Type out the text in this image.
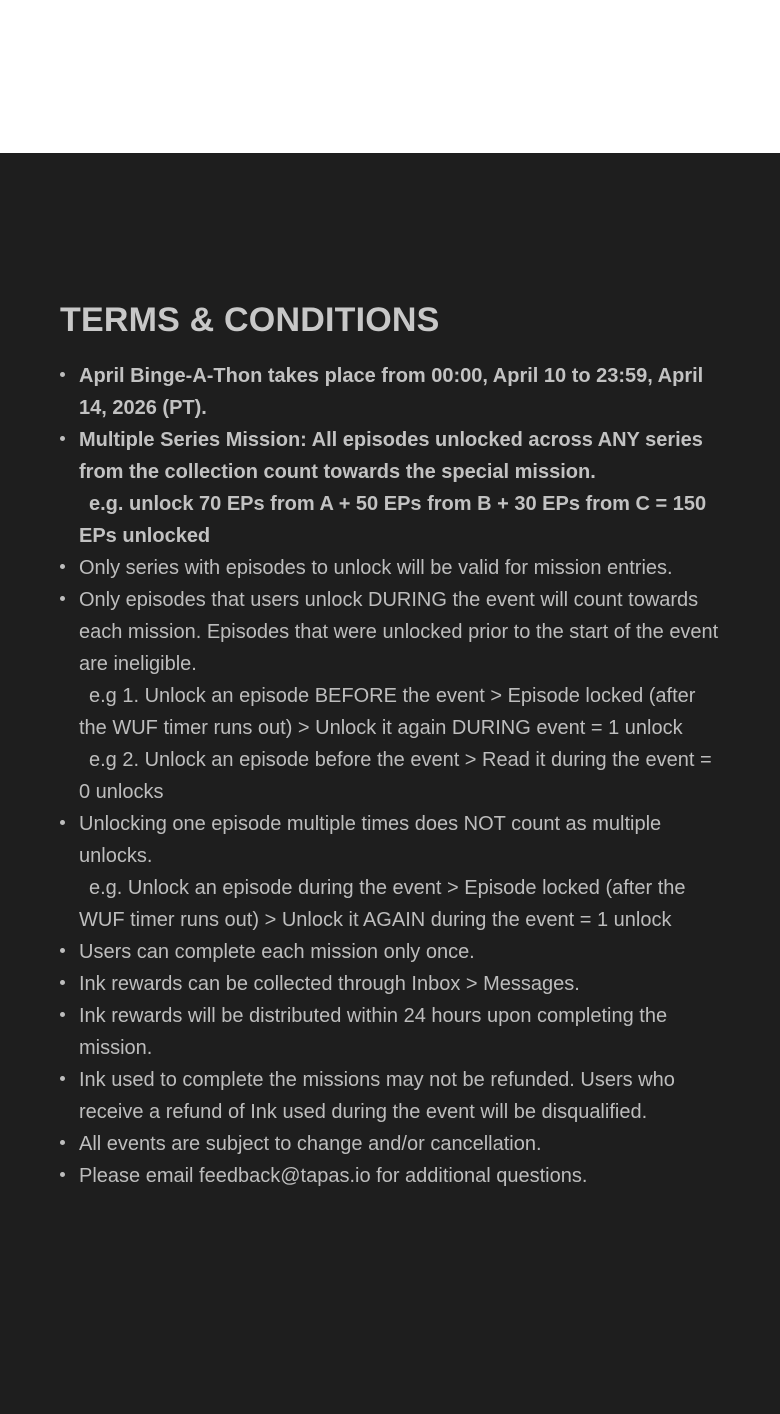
TERMS & CONDITIONS
April Binge-A-Thon takes place from 00:00, April 10 to 23:59, April 14, 2026 (PT).
Multiple Series Mission: All episodes unlocked across ANY series from the collection count towards the special mission.
e.g. unlock 70 EPs from A + 50 EPs from B + 30 EPs from C = 150 EPs unlocked
Only series with episodes to unlock will be valid for mission entries.
Only episodes that users unlock DURING the event will count towards each mission. Episodes that were unlocked prior to the start of the event are ineligible.
e.g 1. Unlock an episode BEFORE the event > Episode locked (after the WUF timer runs out) > Unlock it again DURING event = 1 unlock
e.g 2. Unlock an episode before the event > Read it during the event = 0 unlocks
Unlocking one episode multiple times does NOT count as multiple unlocks.
e.g. Unlock an episode during the event > Episode locked (after the WUF timer runs out) > Unlock it AGAIN during the event = 1 unlock
Users can complete each mission only once.
Ink rewards can be collected through Inbox > Messages.
Ink rewards will be distributed within 24 hours upon completing the mission.
Ink used to complete the missions may not be refunded. Users who receive a refund of Ink used during the event will be disqualified.
All events are subject to change and/or cancellation.
Please email feedback@tapas.io for additional questions.
